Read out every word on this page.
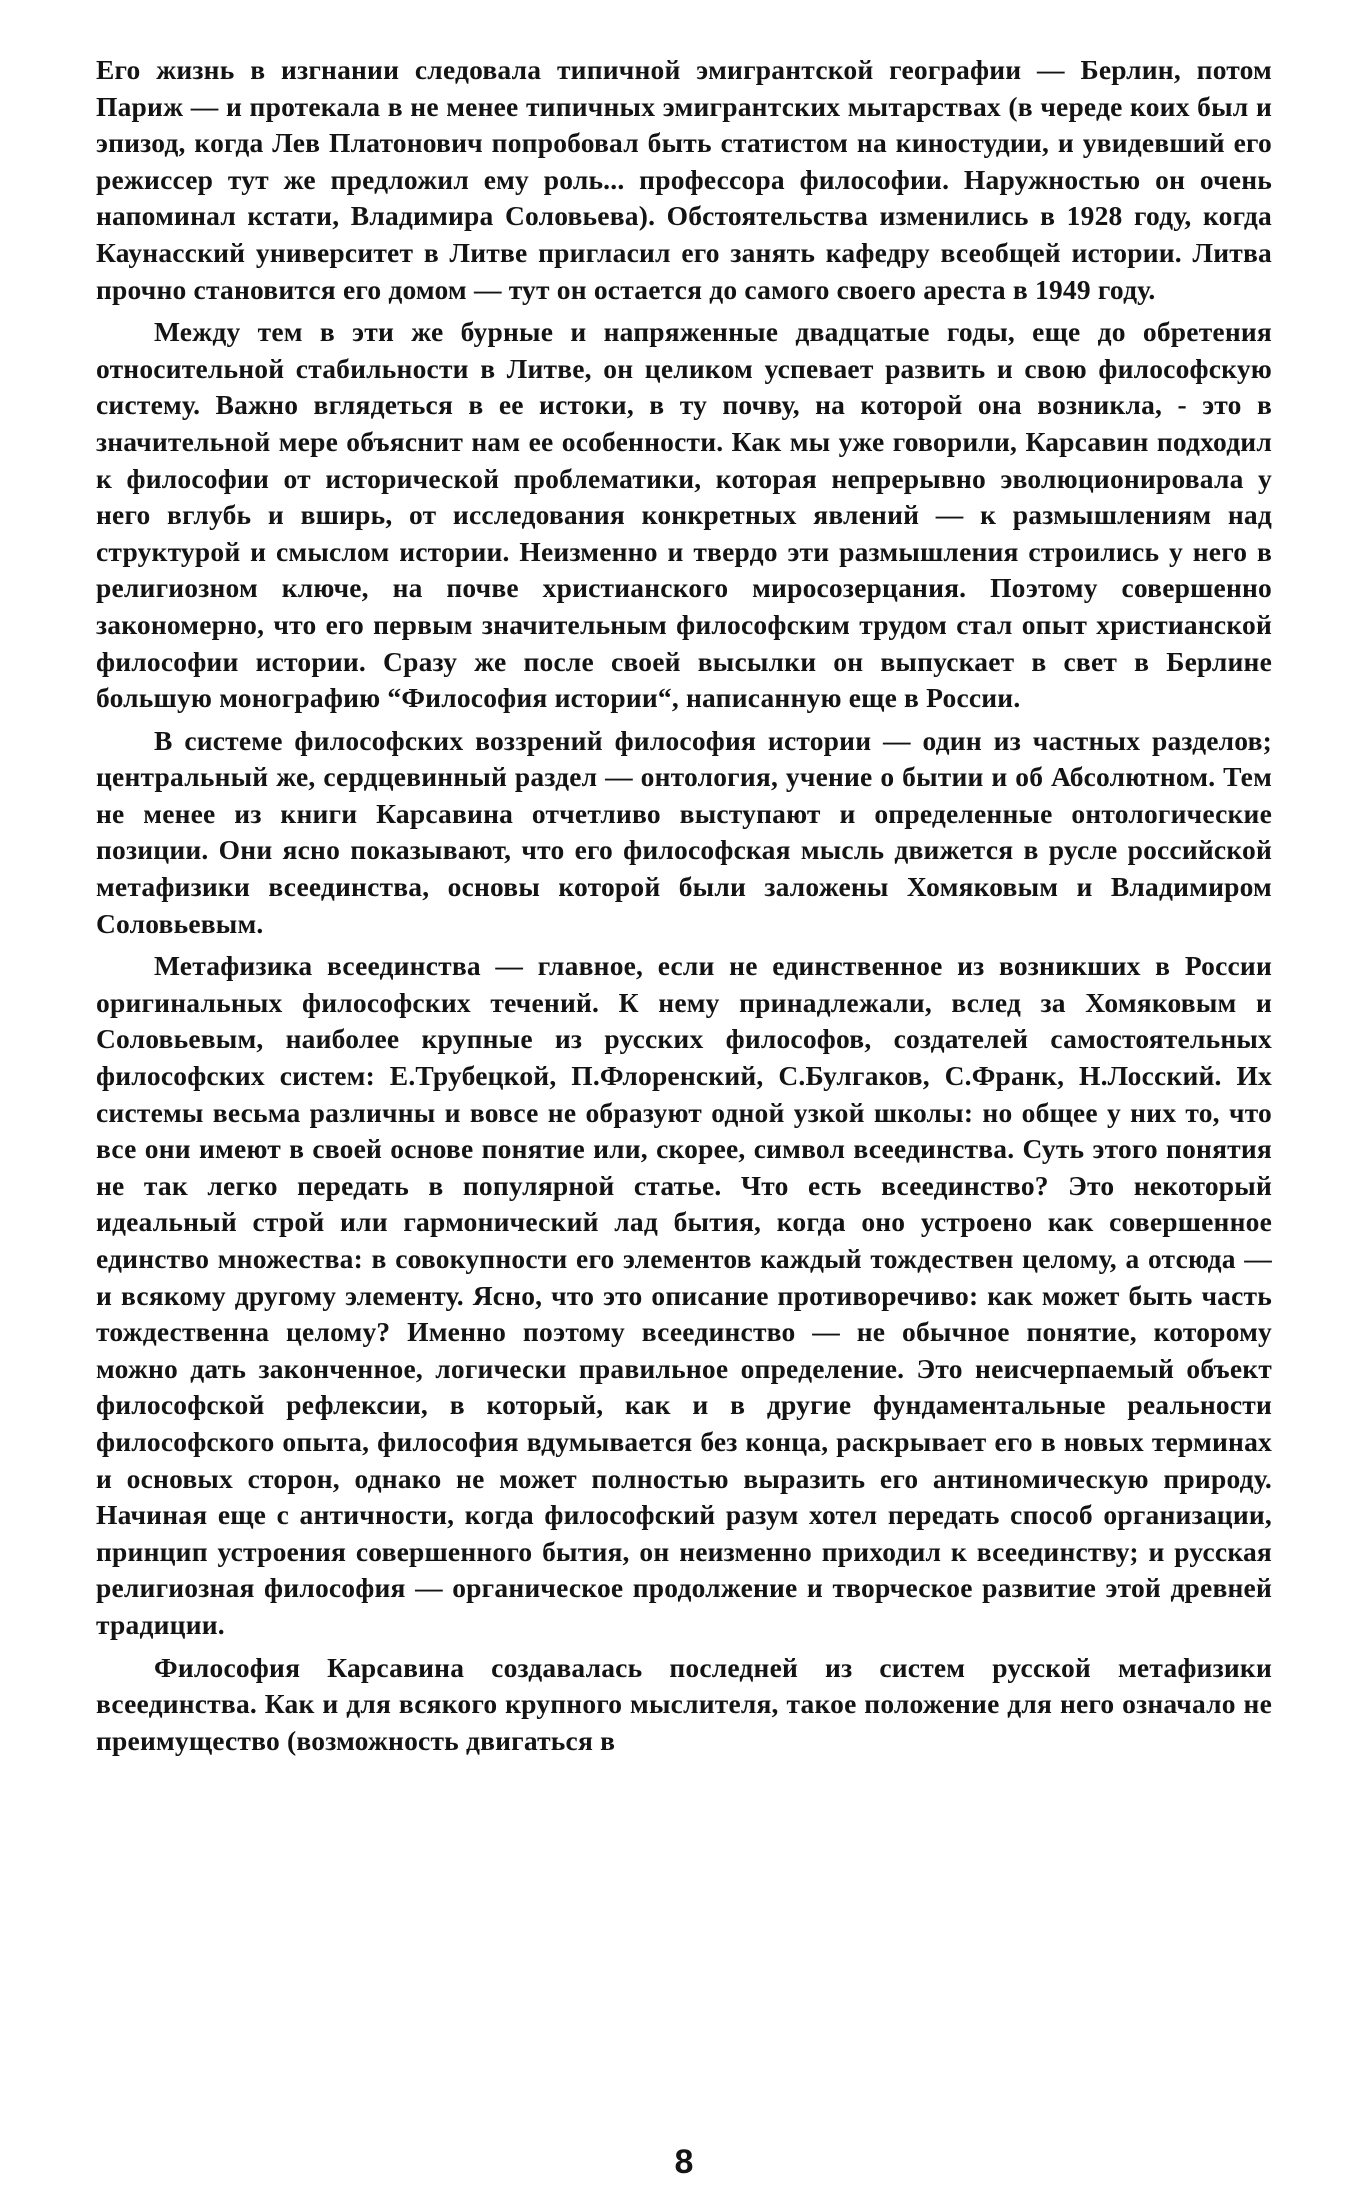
Его жизнь в изгнании следовала типичной эмигрантской географии — Берлин, потом Париж — и протекала в не менее типичных эмигрантских мытарствах (в череде коих был и эпизод, когда Лев Платонович попробовал быть статистом на киностудии, и увидевший его режиссер тут же предложил ему роль... профессора философии. Наружностью он очень напоминал кстати, Владимира Соловьева). Обстоятельства изменились в 1928 году, когда Каунасский университет в Литве пригласил его занять кафедру всеобщей истории. Литва прочно становится его домом — тут он остается до самого своего ареста в 1949 году.

Между тем в эти же бурные и напряженные двадцатые годы, еще до обретения относительной стабильности в Литве, он целиком успевает развить и свою философскую систему. Важно вглядеться в ее истоки, в ту почву, на которой она возникла, - это в значительной мере объяснит нам ее особенности. Как мы уже говорили, Карсавин подходил к философии от исторической проблематики, которая непрерывно эволюционировала у него вглубь и вширь, от исследования конкретных явлений — к размышлениям над структурой и смыслом истории. Неизменно и твердо эти размышления строились у него в религиозном ключе, на почве христианского миросозерцания. Поэтому совершенно закономерно, что его первым значительным философским трудом стал опыт христианской философии истории. Сразу же после своей высылки он выпускает в свет в Берлине большую монографию “Философия истории“, написанную еще в России.

В системе философских воззрений философия истории — один из частных разделов; центральный же, сердцевинный раздел — онтология, учение о бытии и об Абсолютном. Тем не менее из книги Карсавина отчетливо выступают и определенные онтологические позиции. Они ясно показывают, что его философская мысль движется в русле российской метафизики всеединства, основы которой были заложены Хомяковым и Владимиром Соловьевым.

Метафизика всеединства — главное, если не единственное из возникших в России оригинальных философских течений. К нему принадлежали, вслед за Хомяковым и Соловьевым, наиболее крупные из русских философов, создателей самостоятельных философских систем: Е.Трубецкой, П.Флоренский, С.Булгаков, С.Франк, Н.Лосский. Их системы весьма различны и вовсе не образуют одной узкой школы: но общее у них то, что все они имеют в своей основе понятие или, скорее, символ всеединства. Суть этого понятия не так легко передать в популярной статье. Что есть всеединство? Это некоторый идеальный строй или гармонический лад бытия, когда оно устроено как совершенное единство множества: в совокупности его элементов каждый тождествен целому, а отсюда — и всякому другому элементу. Ясно, что это описание противоречиво: как может быть часть тождественна целому? Именно поэтому всеединство — не обычное понятие, которому можно дать законченное, логически правильное определение. Это неисчерпаемый объект философской рефлексии, в который, как и в другие фундаментальные реальности философского опыта, философия вдумывается без конца, раскрывает его в новых терминах и основых сторон, однако не может полностью выразить его антиномическую природу. Начиная еще с античности, когда философский разум хотел передать способ организации, принцип устроения совершенного бытия, он неизменно приходил к всеединству; и русская религиозная философия — органическое продолжение и творческое развитие этой древней традиции.

Философия Карсавина создавалась последней из систем русской метафизики всеединства. Как и для всякого крупного мыслителя, такое положение для него означало не преимущество (возможность двигаться в

8
